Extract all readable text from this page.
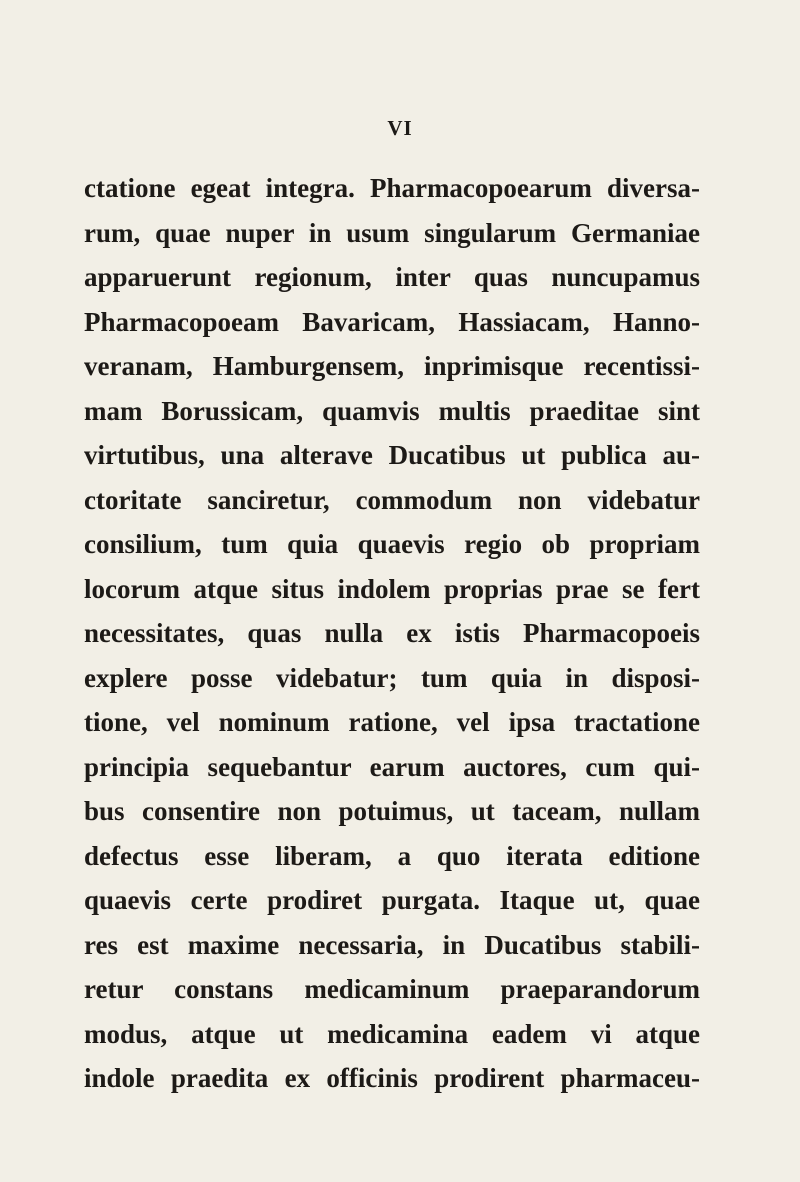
VI
ctatione egeat integra. Pharmacopoearum diversa-
rum, quae nuper in usum singularum Germaniae
apparuerunt regionum, inter quas nuncupamus
Pharmacopoeam Bavaricam, Hassiacam, Hanno-
veranam, Hamburgensem, inprimisque recentissi-
mam Borussicam, quamvis multis praeditae sint
virtutibus, una alterave Ducatibus ut publica au-
ctoritate sanciretur, commodum non videbatur
consilium, tum quia quaevis regio ob propriam
locorum atque situs indolem proprias prae se fert
necessitates, quas nulla ex istis Pharmacopoeis
explere posse videbatur; tum quia in disposi-
tione, vel nominum ratione, vel ipsa tractatione
principia sequebantur earum auctores, cum qui-
bus consentire non potuimus, ut taceam, nullam
defectus esse liberam, a quo iterata editione
quaevis certe prodiret purgata. Itaque ut, quae
res est maxime necessaria, in Ducatibus stabili-
retur constans medicaminum praeparandorum
modus, atque ut medicamina eadem vi atque
indole praedita ex officinis prodirent pharmaceu-
